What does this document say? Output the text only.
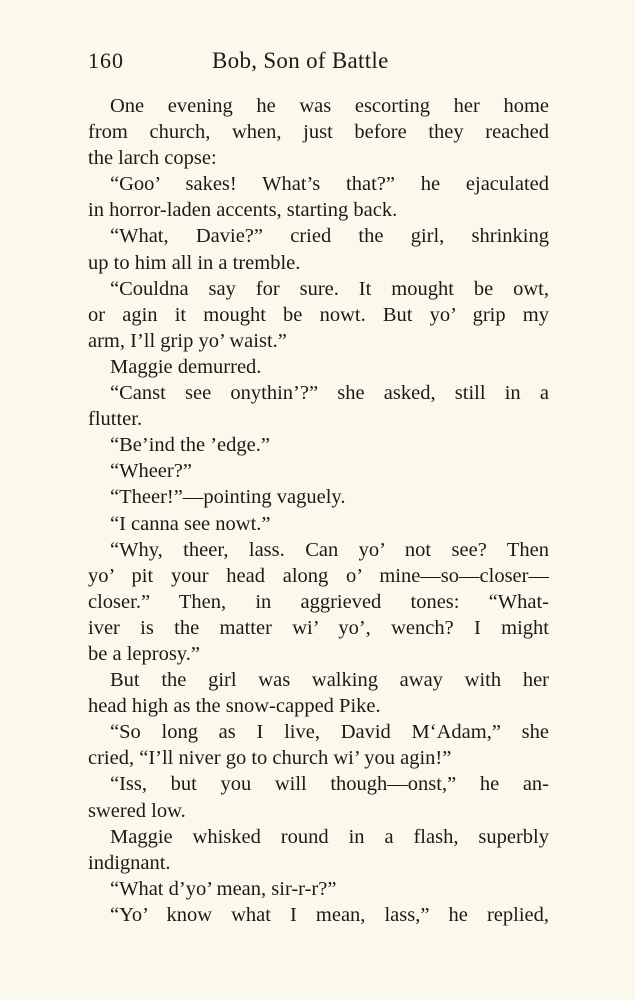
160	Bob, Son of Battle
One evening he was escorting her home
from church, when, just before they reached
the larch copse:
“Goo’ sakes! What’s that?” he ejaculated
in horror-laden accents, starting back.
“What, Davie?” cried the girl, shrinking
up to him all in a tremble.
“Couldna say for sure. It mought be owt,
or agin it mought be nowt. But yo’ grip my
arm, I’ll grip yo’ waist.”
Maggie demurred.
“Canst see onythin’?” she asked, still in a
flutter.
“Be’ind the ’edge.”
“Wheer?”
“Theer!”—pointing vaguely.
“I canna see nowt.”
“Why, theer, lass. Can yo’ not see? Then
yo’ pit your head along o’ mine—so—closer—
closer.” Then, in aggrieved tones: “What-
iver is the matter wi’ yo’, wench? I might
be a leprosy.”
But the girl was walking away with her
head high as the snow-capped Pike.
“So long as I live, David M‘Adam,” she
cried, “I’ll niver go to church wi’ you agin!”
“Iss, but you will though—onst,” he an-
swered low.
Maggie whisked round in a flash, superbly
indignant.
“What d’yo’ mean, sir-r-r?”
“Yo’ know what I mean, lass,” he replied,
